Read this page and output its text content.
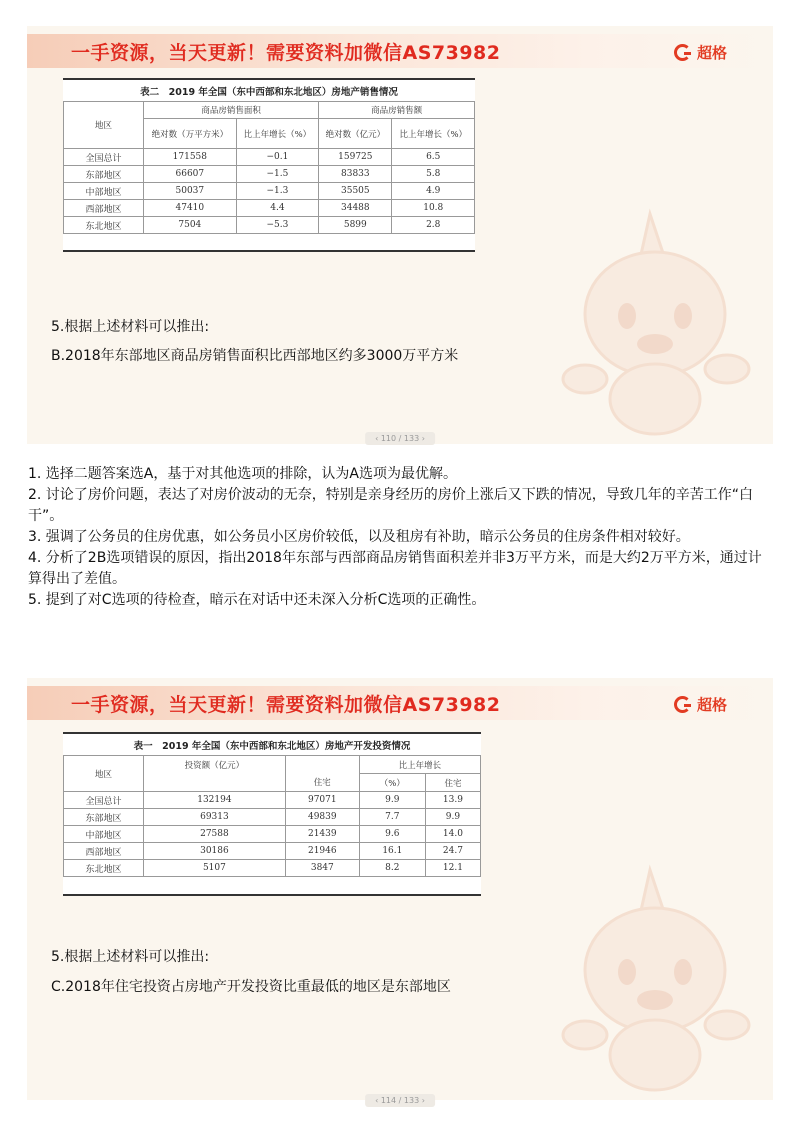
一手资源，当天更新！需要资料加微信AS73982	超格
表二　2019 年全国（东中西部和东北地区）房地产销售情况
地区	商品房销售面积		商品房销售额	
	绝对数（万平方米）	比上年增长（%）	绝对数（亿元）	比上年增长（%）
全国总计	171558	−0.1	159725	6.5
东部地区	66607	−1.5	83833	5.8
中部地区	50037	−1.3	35505	4.9
西部地区	47410	4.4	34488	10.8
东北地区	7504	−5.3	5899	2.8
5.根据上述材料可以推出:
B.2018年东部地区商品房销售面积比西部地区约多3000万平方米
‹ 110 / 133 ›

1. 选择二题答案选A，基于对其他选项的排除，认为A选项为最优解。

2. 讨论了房价问题，表达了对房价波动的无奈，特别是亲身经历的房价上涨后又下跌的情况，导致几年的辛苦工作“白干”。

3. 强调了公务员的住房优惠，如公务员小区房价较低，以及租房有补助，暗示公务员的住房条件相对较好。

4. 分析了2B选项错误的原因，指出2018年东部与西部商品房销售面积差并非3万平方米，而是大约2万平方米，通过计算得出了差值。

5. 提到了对C选项的待检查，暗示在对话中还未深入分析C选项的正确性。

一手资源，当天更新！需要资料加微信AS73982	超格
表一　2019 年全国（东中西部和东北地区）房地产开发投资情况
地区	投资额（亿元）	住宅	比上年增长	
			（%）	住宅
全国总计	132194	97071	9.9	13.9
东部地区	69313	49839	7.7	9.9
中部地区	27588	21439	9.6	14.0
西部地区	30186	21946	16.1	24.7
东北地区	5107	3847	8.2	12.1
5.根据上述材料可以推出:
C.2018年住宅投资占房地产开发投资比重最低的地区是东部地区
‹ 114 / 133 ›
